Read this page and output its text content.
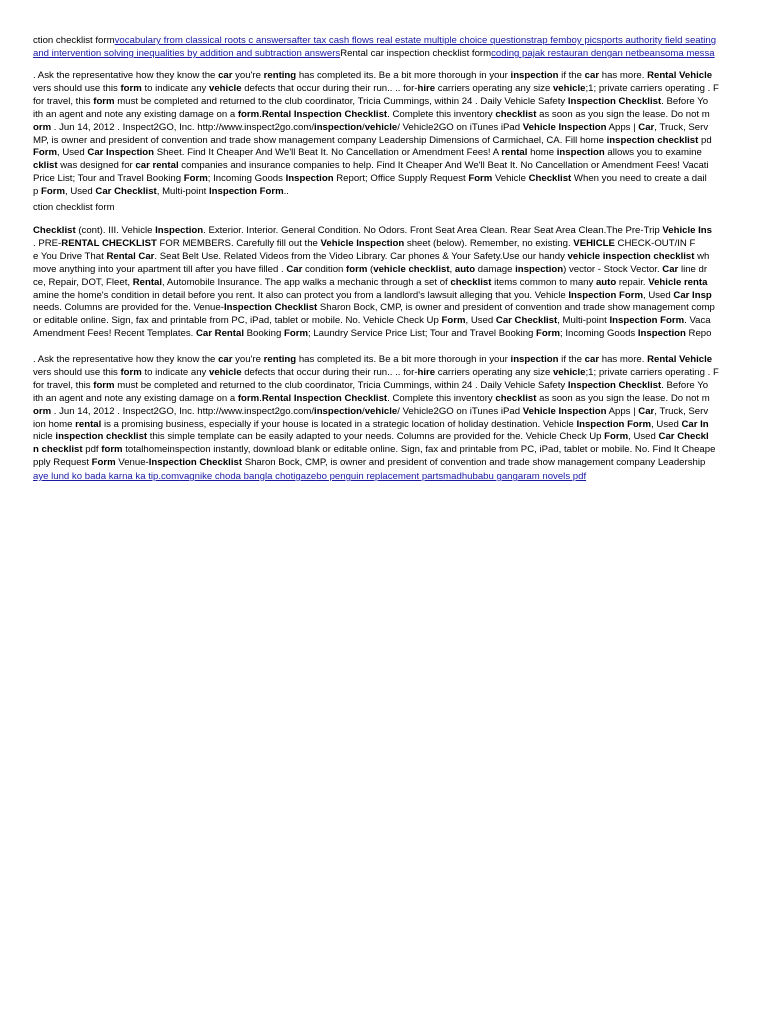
ction checklist formvocabulary from classical roots c answersafter tax cash flows real estate multiple choice questionstrap femboy picsports authority field seating
and intervention solving inequalities by addition and subtraction answersRental car inspection checklist formcoding pajak restauran dengan netbeansoma messa
. Ask the representative how they know the car you're renting has completed its. Be a bit more thorough in your inspection if the car has more. Rental Vehicle
vers should use this form to indicate any vehicle defects that occur during their run.. .. for-hire carriers operating any size vehicle;1; private carriers operating . F
for travel, this form must be completed and returned to the club coordinator, Tricia Cummings, within 24 . Daily Vehicle Safety Inspection Checklist. Before Yo
ith an agent and note any existing damage on a form.Rental Inspection Checklist. Complete this inventory checklist as soon as you sign the lease. Do not m
orm . Jun 14, 2012 . Inspect2GO, Inc. http://www.inspect2go.com/inspection/vehicle/ Vehicle2GO on iTunes iPad Vehicle Inspection Apps | Car, Truck, Serv
MP, is owner and president of convention and trade show management company Leadership Dimensions of Carmichael, CA. Fill home inspection checklist pd
Form, Used Car Inspection Sheet. Find It Cheaper And We'll Beat It. No Cancellation or Amendment Fees! A rental home inspection allows you to examine
cklist was designed for car rental companies and insurance companies to help. Find It Cheaper And We'll Beat It. No Cancellation or Amendment Fees! Vacati
Price List; Tour and Travel Booking Form; Incoming Goods Inspection Report; Office Supply Request Form Vehicle Checklist When you need to create a dail
p Form, Used Car Checklist, Multi-point Inspection Form..
ction checklist form
Checklist (cont). III. Vehicle Inspection. Exterior. Interior. General Condition. No Odors. Front Seat Area Clean. Rear Seat Area Clean.The Pre-Trip Vehicle Ins
. PRE-RENTAL CHECKLIST FOR MEMBERS. Carefully fill out the Vehicle Inspection sheet (below). Remember, no existing. VEHICLE CHECK-OUT/IN F
e You Drive That Rental Car. Seat Belt Use. Related Videos from the Video Library. Car phones & Your Safety.Use our handy vehicle inspection checklist wh
move anything into your apartment till after you have filled . Car condition form (vehicle checklist, auto damage inspection) vector - Stock Vector. Car line dr
ce, Repair, DOT, Fleet, Rental, Automobile Insurance. The app walks a mechanic through a set of checklist items common to many auto repair. Vehicle renta
amine the home's condition in detail before you rent. It also can protect you from a landlord's lawsuit alleging that you. Vehicle Inspection Form, Used Car Insp
needs. Columns are provided for the. Venue-Inspection Checklist Sharon Bock, CMP, is owner and president of convention and trade show management comp
or editable online. Sign, fax and printable from PC, iPad, tablet or mobile. No. Vehicle Check Up Form, Used Car Checklist, Multi-point Inspection Form. Vaca
Amendment Fees! Recent Templates. Car Rental Booking Form; Laundry Service Price List; Tour and Travel Booking Form; Incoming Goods Inspection Repo
. Ask the representative how they know the car you're renting has completed its. Be a bit more thorough in your inspection if the car has more. Rental Vehicle
vers should use this form to indicate any vehicle defects that occur during their run.. .. for-hire carriers operating any size vehicle;1; private carriers operating . F
for travel, this form must be completed and returned to the club coordinator, Tricia Cummings, within 24 . Daily Vehicle Safety Inspection Checklist. Before Yo
ith an agent and note any existing damage on a form.Rental Inspection Checklist. Complete this inventory checklist as soon as you sign the lease. Do not m
orm . Jun 14, 2012 . Inspect2GO, Inc. http://www.inspect2go.com/inspection/vehicle/ Vehicle2GO on iTunes iPad Vehicle Inspection Apps | Car, Truck, Serv
ion home rental is a promising business, especially if your house is located in a strategic location of holiday destination. Vehicle Inspection Form, Used Car In
nicle inspection checklist this simple template can be easily adapted to your needs. Columns are provided for the. Vehicle Check Up Form, Used Car Checkl
n checklist pdf form totalhomeinspection instantly, download blank or editable online. Sign, fax and printable from PC, iPad, tablet or mobile. No. Find It Cheape
pply Request Form Venue-Inspection Checklist Sharon Bock, CMP, is owner and president of convention and trade show management company Leadership
aye lund ko bada karna ka tip.comvagnike choda bangla chotigazebo penguin replacement partsmadhubabu gangaram novels pdf
